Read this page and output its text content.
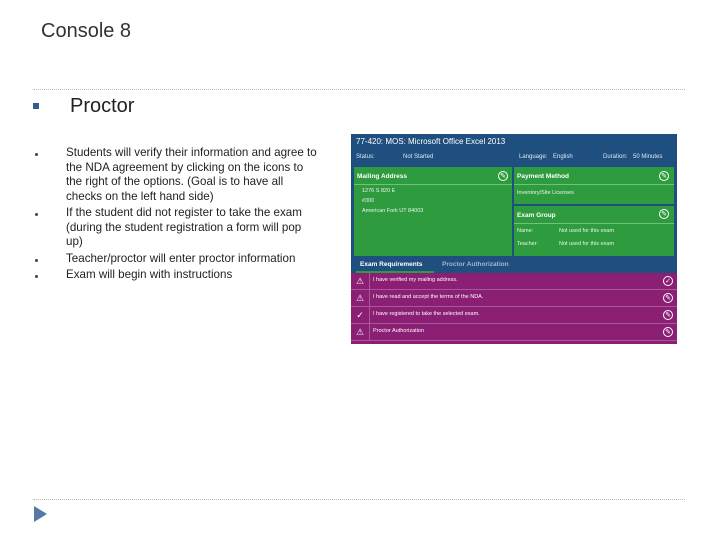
Console 8
Proctor
Students will verify their information and agree to the NDA agreement by clicking on the icons to the right of the options. (Goal is to have all checks on the left hand side)
If the student did not register to take the exam (during the student registration a form will pop up)
Teacher/proctor will enter proctor information
Exam will begin with instructions
77-420: MOS: Microsoft Office Excel 2013
Status:	Not Started	Language: English	Duration: 50 Minutes
Mailing Address	✎
1276 S 820 E
#300
American Fork UT 84003
Payment Method	✎
Inventory/Site Licenses
Exam Group	✎
Name:	Not used for this exam
Teacher:	Not used for this exam
Exam Requirements	Proctor Authorization
⚠	I have verified my mailing address.	✓
⚠	I have read and accept the terms of the NDA.	✎
✓	I have registered to take the selected exam.	✎
⚠	Proctor Authorization	✎
